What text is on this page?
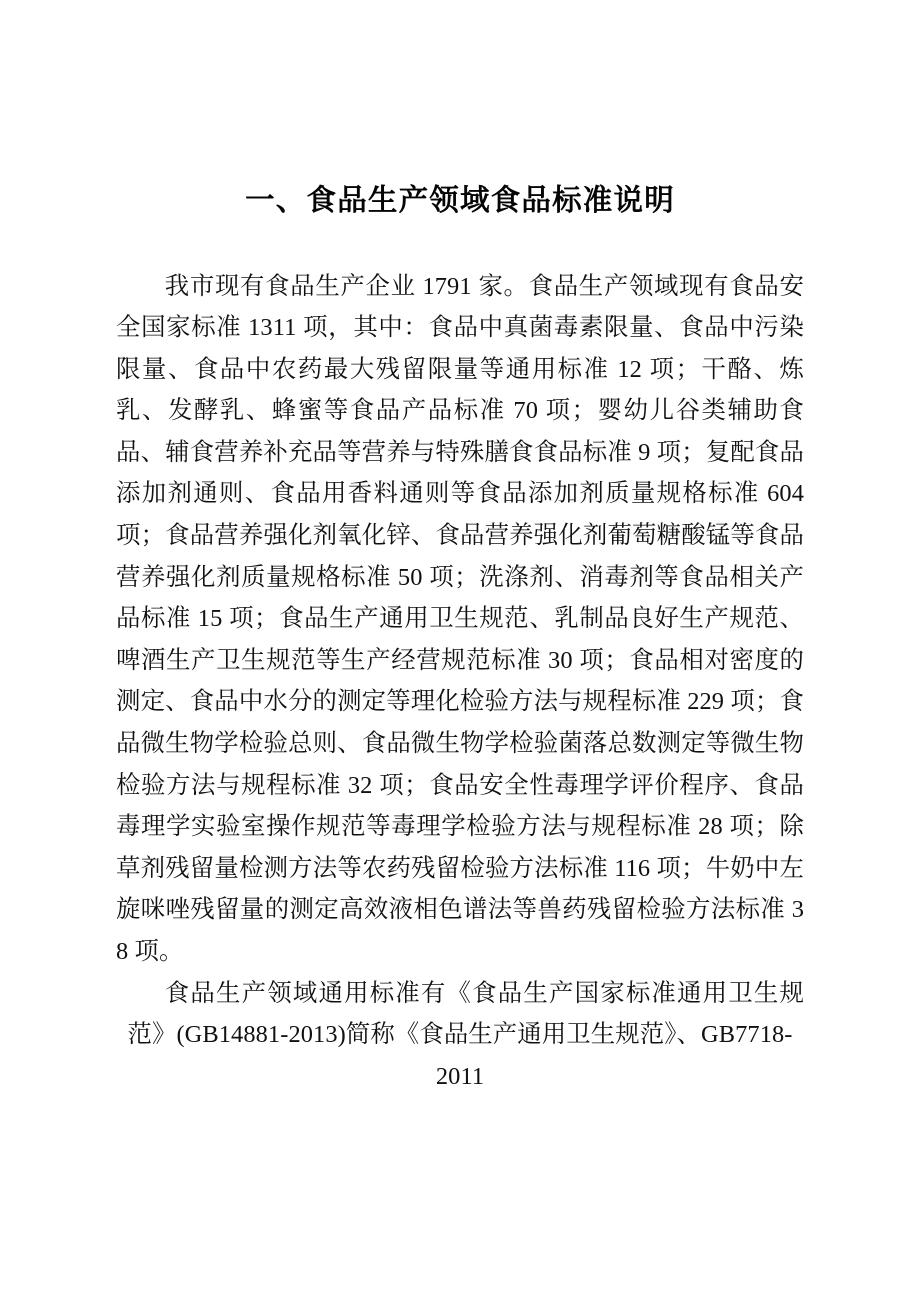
一、食品生产领域食品标准说明

我市现有食品生产企业 1791 家。食品生产领域现有食品安全国家标准 1311 项，其中：食品中真菌毒素限量、食品中污染限量、食品中农药最大残留限量等通用标准 12 项；干酪、炼乳、发酵乳、蜂蜜等食品产品标准 70 项；婴幼儿谷类辅助食品、辅食营养补充品等营养与特殊膳食食品标准 9 项；复配食品添加剂通则、食品用香料通则等食品添加剂质量规格标准 604 项；食品营养强化剂氧化锌、食品营养强化剂葡萄糖酸锰等食品营养强化剂质量规格标准 50 项；洗涤剂、消毒剂等食品相关产品标准 15 项；食品生产通用卫生规范、乳制品良好生产规范、啤酒生产卫生规范等生产经营规范标准 30 项；食品相对密度的测定、食品中水分的测定等理化检验方法与规程标准 229 项；食品微生物学检验总则、食品微生物学检验菌落总数测定等微生物检验方法与规程标准 32 项；食品安全性毒理学评价程序、食品毒理学实验室操作规范等毒理学检验方法与规程标准 28 项；除草剂残留量检测方法等农药残留检验方法标准 116 项；牛奶中左旋咪唑残留量的测定高效液相色谱法等兽药残留检验方法标准 38 项。

食品生产领域通用标准有《食品生产国家标准通用卫生规范》(GB14881-2013)简称《食品生产通用卫生规范》、GB7718-
2011
